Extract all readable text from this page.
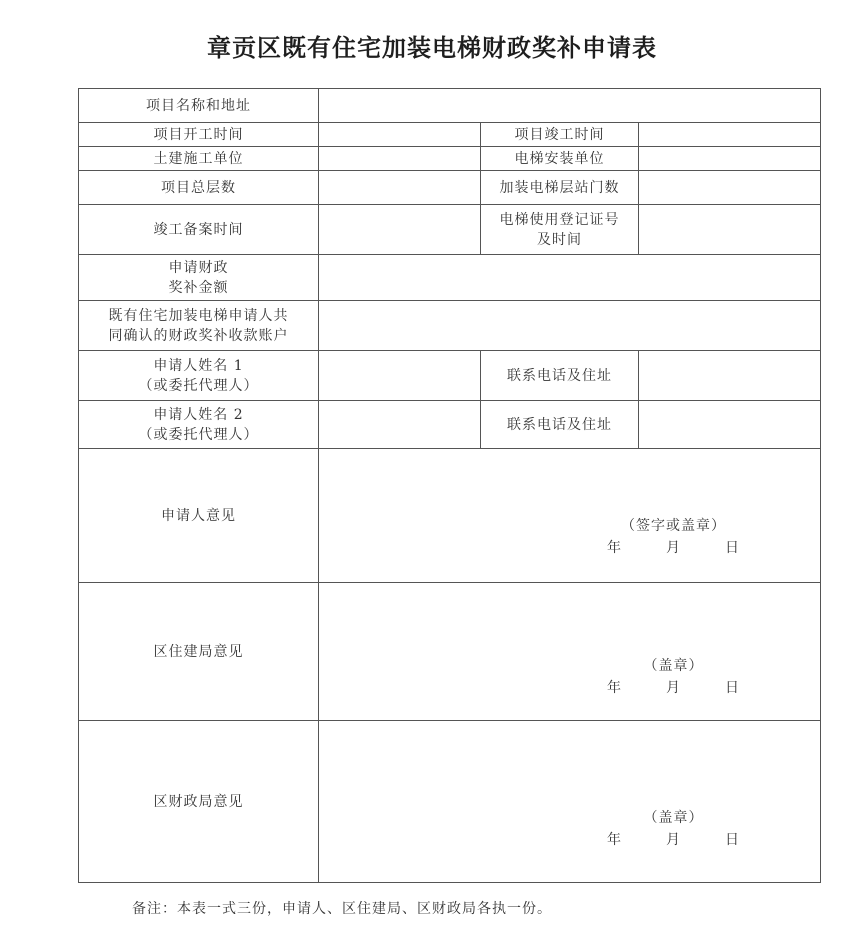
章贡区既有住宅加装电梯财政奖补申请表
项目名称和地址			
项目开工时间		项目竣工时间	
土建施工单位		电梯安装单位	
项目总层数		加装电梯层站门数	
竣工备案时间		电梯使用登记证号
及时间	

申请财政
奖补金额			

既有住宅加装电梯申请人共
同确认的财政奖补收款账户			

申请人姓名 1
（或委托代理人）		联系电话及住址	

申请人姓名 2
（或委托代理人）		联系电话及住址	
申请人意见	（签字或盖章）
年 月 日		

区住建局意见	（盖章）
年 月 日		

区财政局意见	（盖章）
年 月 日		
备注：本表一式三份，申请人、区住建局、区财政局各执一份。
